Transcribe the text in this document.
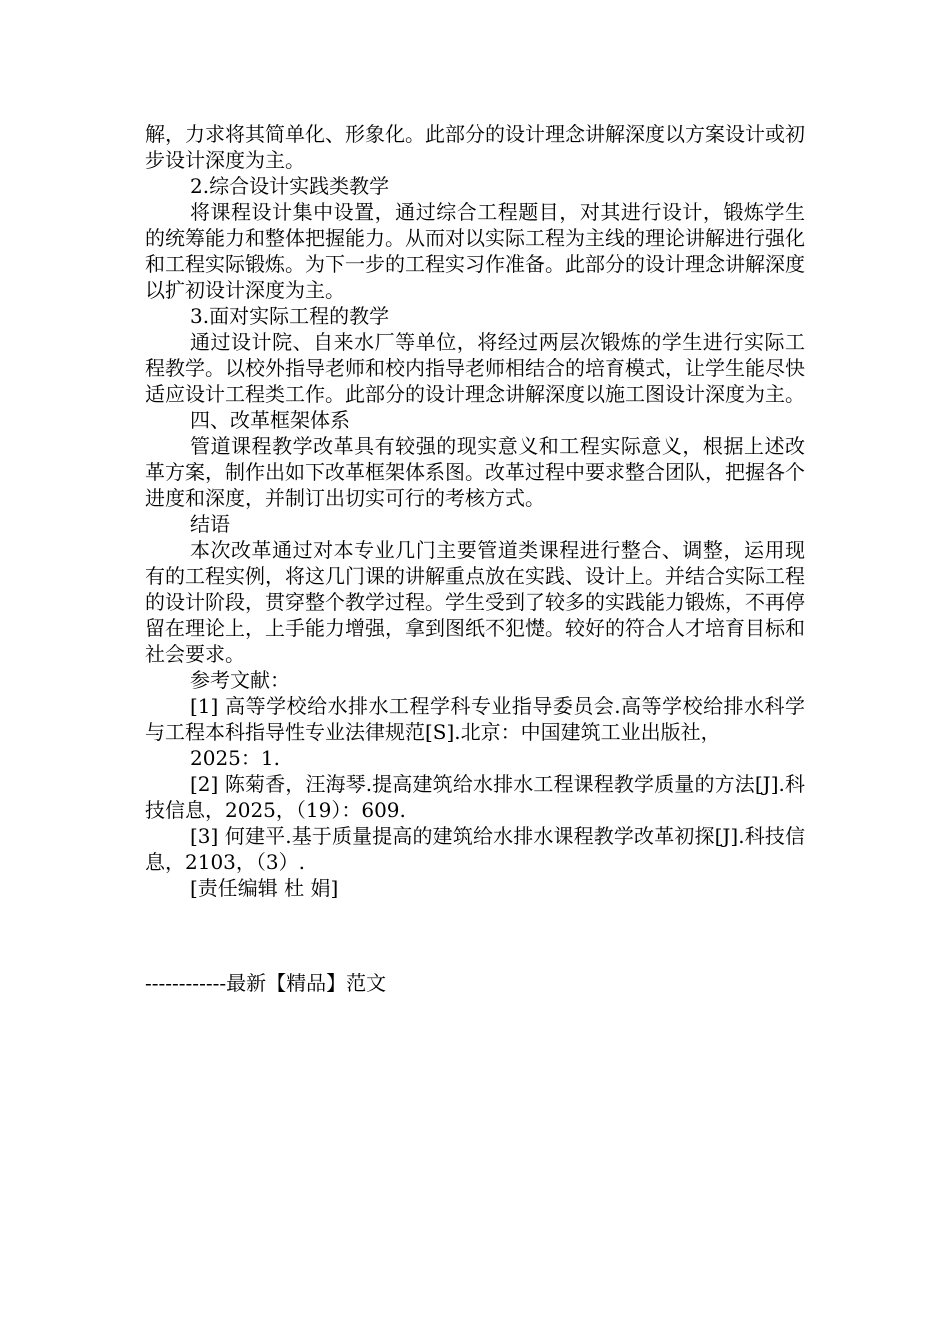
解，力求将其简单化、形象化。此部分的设计理念讲解深度以方案设计或初步设计深度为主。

2.综合设计实践类教学

将课程设计集中设置，通过综合工程题目，对其进行设计，锻炼学生的统筹能力和整体把握能力。从而对以实际工程为主线的理论讲解进行强化和工程实际锻炼。为下一步的工程实习作准备。此部分的设计理念讲解深度以扩初设计深度为主。

3.面对实际工程的教学

通过设计院、自来水厂等单位，将经过两层次锻炼的学生进行实际工程教学。以校外指导老师和校内指导老师相结合的培育模式，让学生能尽快适应设计工程类工作。此部分的设计理念讲解深度以施工图设计深度为主。

四、改革框架体系

管道课程教学改革具有较强的现实意义和工程实际意义，根据上述改革方案，制作出如下改革框架体系图。改革过程中要求整合团队，把握各个进度和深度，并制订出切实可行的考核方式。

结语

本次改革通过对本专业几门主要管道类课程进行整合、调整，运用现有的工程实例，将这几门课的讲解重点放在实践、设计上。并结合实际工程的设计阶段，贯穿整个教学过程。学生受到了较多的实践能力锻炼，不再停留在理论上，上手能力增强，拿到图纸不犯憷。较好的符合人才培育目标和社会要求。

参考文献：

[1] 高等学校给水排水工程学科专业指导委员会.高等学校给排水科学与工程本科指导性专业法律规范[S].北京：中国建筑工业出版社，

2025：1.

[2] 陈菊香，汪海琴.提高建筑给水排水工程课程教学质量的方法[J].科技信息，2025，（19）：609.

[3] 何建平.基于质量提高的建筑给水排水课程教学改革初探[J].科技信息，2103，（3）.

[责任编辑 杜 娟]

------------最新【精品】范文
